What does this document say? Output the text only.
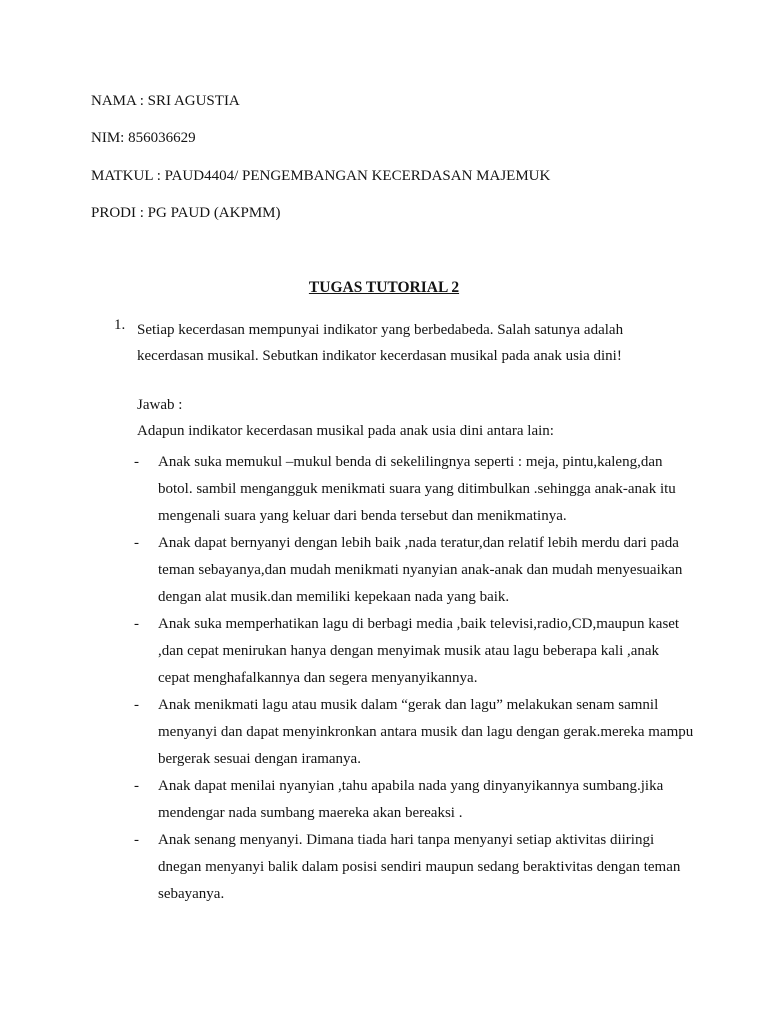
NAMA : SRI AGUSTIA
NIM: 856036629
MATKUL : PAUD4404/ PENGEMBANGAN KECERDASAN MAJEMUK
PRODI : PG PAUD (AKPMM)
TUGAS TUTORIAL 2
1. Setiap kecerdasan mempunyai indikator yang berbedabeda. Salah satunya adalah kecerdasan musikal. Sebutkan indikator kecerdasan musikal pada anak usia dini!
Jawab :
Adapun indikator kecerdasan musikal pada anak usia dini antara lain:
- Anak suka memukul –mukul benda di sekelilingnya seperti : meja, pintu,kaleng,dan botol. sambil mengangguk menikmati suara yang ditimbulkan .sehingga anak-anak itu mengenali suara yang keluar dari benda tersebut dan menikmatinya.
- Anak dapat bernyanyi dengan lebih baik ,nada teratur,dan relatif lebih merdu dari pada teman sebayanya,dan mudah menikmati nyanyian anak-anak dan mudah menyesuaikan dengan alat musik.dan memiliki kepekaan nada yang baik.
- Anak suka memperhatikan lagu di berbagi media ,baik televisi,radio,CD,maupun kaset ,dan cepat menirukan hanya dengan menyimak musik atau lagu beberapa kali ,anak cepat menghafalkannya dan segera menyanyikannya.
- Anak menikmati lagu atau musik dalam “gerak dan lagu” melakukan senam samnil menyanyi dan dapat menyinkronkan antara musik dan lagu dengan gerak.mereka mampu bergerak sesuai dengan iramanya.
- Anak dapat menilai nyanyian ,tahu apabila nada yang dinyanyikannya sumbang.jika mendengar nada sumbang maereka akan bereaksi .
- Anak senang menyanyi. Dimana tiada hari tanpa menyanyi setiap aktivitas diiringi dnegan menyanyi balik dalam posisi sendiri maupun sedang beraktivitas dengan teman sebayanya.
